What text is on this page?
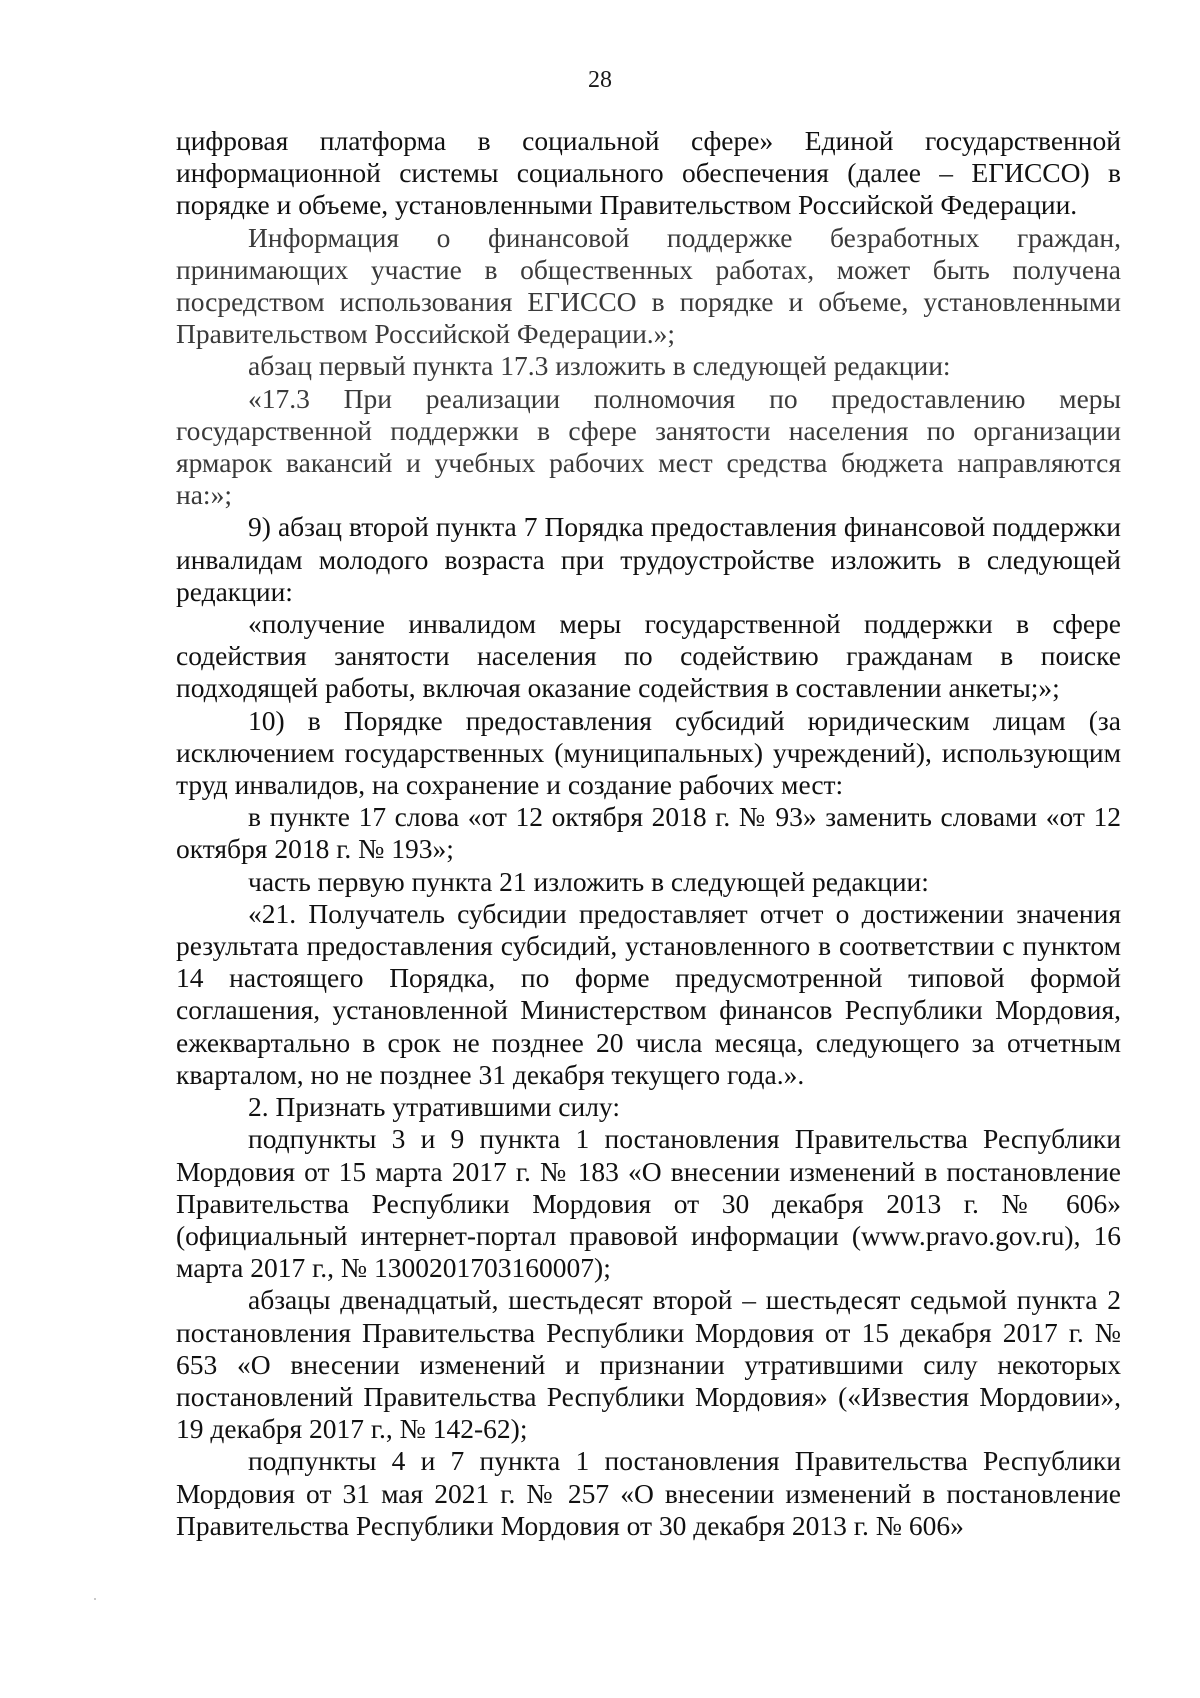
28

цифровая платформа в социальной сфере» Единой государственной информационной системы социального обеспечения (далее – ЕГИССО) в порядке и объеме, установленными Правительством Российской Федерации.

Информация о финансовой поддержке безработных граждан, принимающих участие в общественных работах, может быть получена посредством использования ЕГИССО в порядке и объеме, установленными Правительством Российской Федерации.»;

абзац первый пункта 17.3 изложить в следующей редакции:

«17.3 При реализации полномочия по предоставлению меры государственной поддержки в сфере занятости населения по организации ярмарок вакансий и учебных рабочих мест средства бюджета направляются на:»;

9) абзац второй пункта 7 Порядка предоставления финансовой поддержки инвалидам молодого возраста при трудоустройстве изложить в следующей редакции:

«получение инвалидом меры государственной поддержки в сфере содействия занятости населения по содействию гражданам в поиске подходящей работы, включая оказание содействия в составлении анкеты;»;

10) в Порядке предоставления субсидий юридическим лицам (за исключением государственных (муниципальных) учреждений), использующим труд инвалидов, на сохранение и создание рабочих мест:

в пункте 17 слова «от 12 октября 2018 г. № 93» заменить словами «от 12 октября 2018 г. № 193»;

часть первую пункта 21 изложить в следующей редакции:

«21. Получатель субсидии предоставляет отчет о достижении значения результата предоставления субсидий, установленного в соответствии с пунктом 14 настоящего Порядка, по форме предусмотренной типовой формой соглашения, установленной Министерством финансов Республики Мордовия, ежеквартально в срок не позднее 20 числа месяца, следующего за отчетным кварталом, но не позднее 31 декабря текущего года.».

2. Признать утратившими силу:

подпункты 3 и 9 пункта 1 постановления Правительства Республики Мордовия от 15 марта 2017 г. № 183 «О внесении изменений в постановление Правительства Республики Мордовия от 30 декабря 2013 г. № 606» (официальный интернет-портал правовой информации (www.pravo.gov.ru), 16 марта 2017 г., № 1300201703160007);

абзацы двенадцатый, шестьдесят второй – шестьдесят седьмой пункта 2 постановления Правительства Республики Мордовия от 15 декабря 2017 г. № 653 «О внесении изменений и признании утратившими силу некоторых постановлений Правительства Республики Мордовия» («Известия Мордовии», 19 декабря 2017 г., № 142-62);

подпункты 4 и 7 пункта 1 постановления Правительства Республики Мордовия от 31 мая 2021 г. № 257 «О внесении изменений в постановление Правительства Республики Мордовия от 30 декабря 2013 г. № 606»
